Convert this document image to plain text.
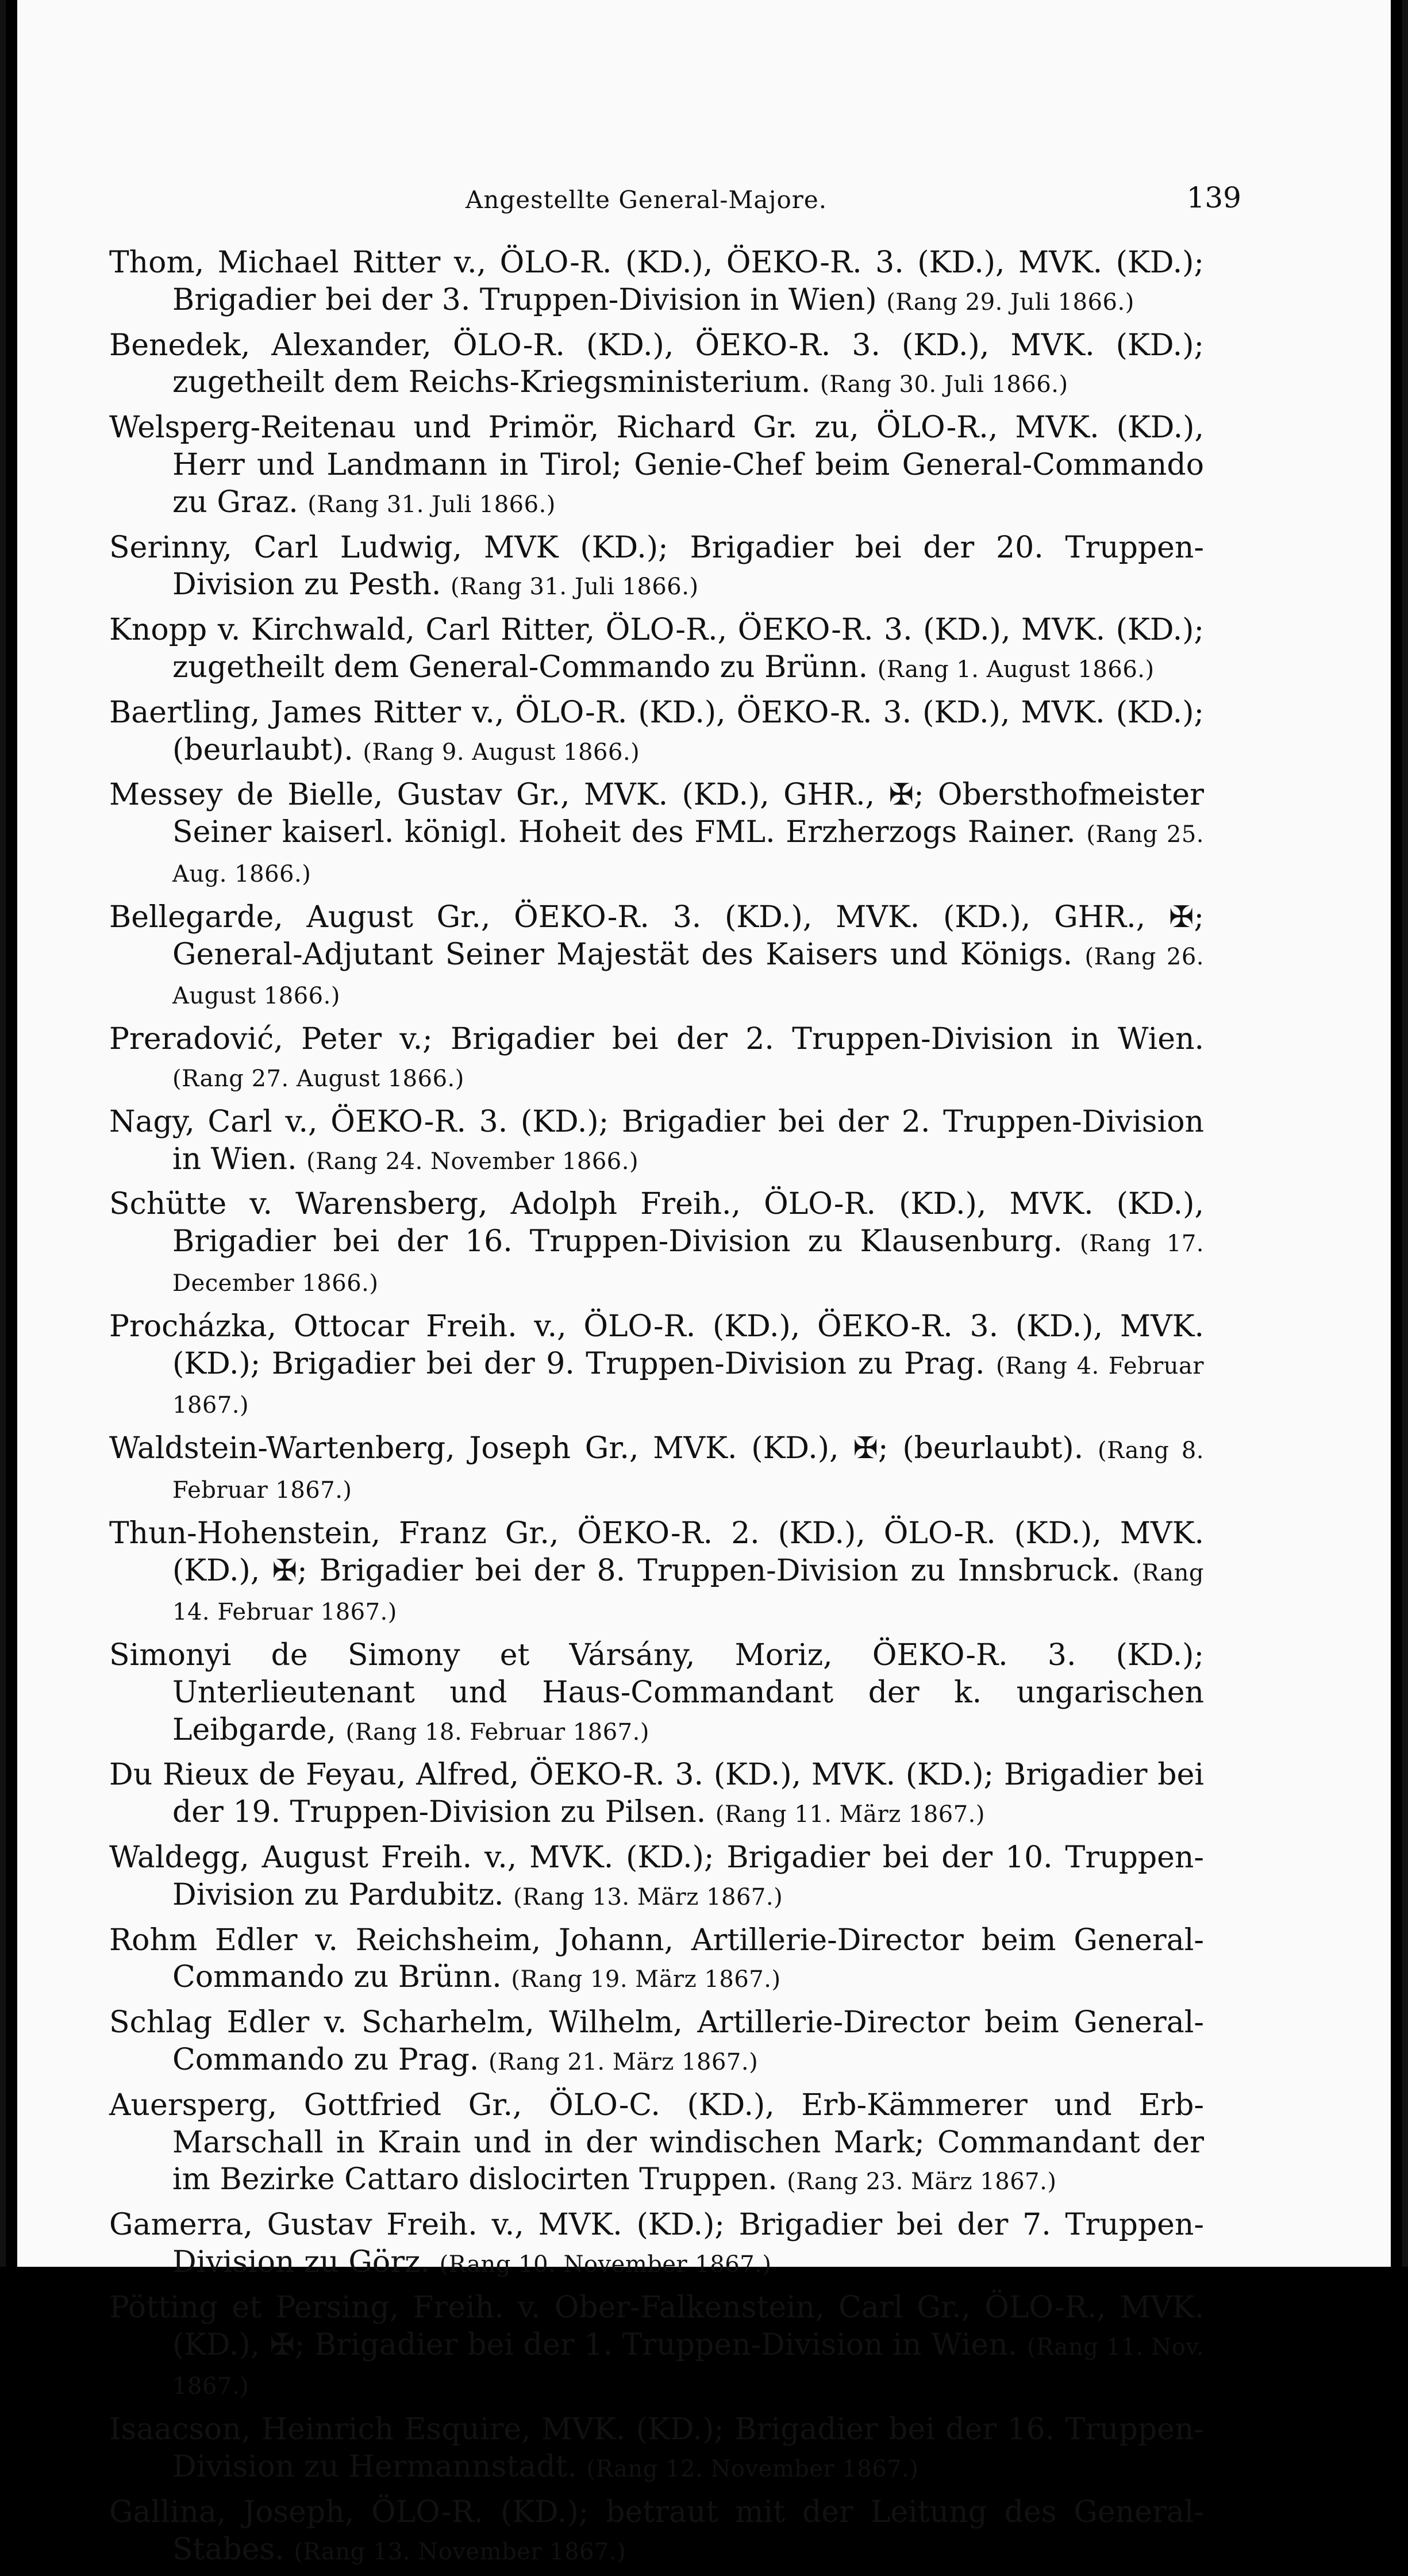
Angestellte General-Majore.	139
Thom, Michael Ritter v., ÖLO-R. (KD.), ÖEKO-R. 3. (KD.), MVK. (KD.); Brigadier bei der 3. Truppen-Division in Wien) (Rang 29. Juli 1866.)
Benedek, Alexander, ÖLO-R. (KD.), ÖEKO-R. 3. (KD.), MVK. (KD.); zugetheilt dem Reichs-Kriegsministerium. (Rang 30. Juli 1866.)
Welsperg-Reitenau und Primör, Richard Gr. zu, ÖLO-R., MVK. (KD.), Herr und Landmann in Tirol; Genie-Chef beim General-Commando zu Graz. (Rang 31. Juli 1866.)
Serinny, Carl Ludwig, MVK (KD.); Brigadier bei der 20. Truppen-Division zu Pesth. (Rang 31. Juli 1866.)
Knopp v. Kirchwald, Carl Ritter, ÖLO-R., ÖEKO-R. 3. (KD.), MVK. (KD.); zugetheilt dem General-Commando zu Brünn. (Rang 1. August 1866.)
Baertling, James Ritter v., ÖLO-R. (KD.), ÖEKO-R. 3. (KD.), MVK. (KD.); (beurlaubt). (Rang 9. August 1866.)
Messey de Bielle, Gustav Gr., MVK. (KD.), GHR., ✠; Obersthofmeister Seiner kaiserl. königl. Hoheit des FML. Erzherzogs Rainer. (Rang 25. Aug. 1866.)
Bellegarde, August Gr., ÖEKO-R. 3. (KD.), MVK. (KD.), GHR., ✠; General-Adjutant Seiner Majestät des Kaisers und Königs. (Rang 26. August 1866.)
Preradović, Peter v.; Brigadier bei der 2. Truppen-Division in Wien. (Rang 27. August 1866.)
Nagy, Carl v., ÖEKO-R. 3. (KD.); Brigadier bei der 2. Truppen-Division in Wien. (Rang 24. November 1866.)
Schütte v. Warensberg, Adolph Freih., ÖLO-R. (KD.), MVK. (KD.), Brigadier bei der 16. Truppen-Division zu Klausenburg. (Rang 17. December 1866.)
Procházka, Ottocar Freih. v., ÖLO-R. (KD.), ÖEKO-R. 3. (KD.), MVK. (KD.); Brigadier bei der 9. Truppen-Division zu Prag. (Rang 4. Februar 1867.)
Waldstein-Wartenberg, Joseph Gr., MVK. (KD.), ✠; (beurlaubt). (Rang 8. Februar 1867.)
Thun-Hohenstein, Franz Gr., ÖEKO-R. 2. (KD.), ÖLO-R. (KD.), MVK. (KD.), ✠; Brigadier bei der 8. Truppen-Division zu Innsbruck. (Rang 14. Februar 1867.)
Simonyi de Simony et Vársány, Moriz, ÖEKO-R. 3. (KD.); Unterlieutenant und Haus-Commandant der k. ungarischen Leibgarde, (Rang 18. Februar 1867.)
Du Rieux de Feyau, Alfred, ÖEKO-R. 3. (KD.), MVK. (KD.); Brigadier bei der 19. Truppen-Division zu Pilsen. (Rang 11. März 1867.)
Waldegg, August Freih. v., MVK. (KD.); Brigadier bei der 10. Truppen-Division zu Pardubitz. (Rang 13. März 1867.)
Rohm Edler v. Reichsheim, Johann, Artillerie-Director beim General-Commando zu Brünn. (Rang 19. März 1867.)
Schlag Edler v. Scharhelm, Wilhelm, Artillerie-Director beim General-Commando zu Prag. (Rang 21. März 1867.)
Auersperg, Gottfried Gr., ÖLO-C. (KD.), Erb-Kämmerer und Erb-Marschall in Krain und in der windischen Mark; Commandant der im Bezirke Cattaro dislocirten Truppen. (Rang 23. März 1867.)
Gamerra, Gustav Freih. v., MVK. (KD.); Brigadier bei der 7. Truppen-Division zu Görz. (Rang 10. November 1867.)
Pötting et Persing, Freih. v. Ober-Falkenstein, Carl Gr., ÖLO-R., MVK. (KD.), ✠; Brigadier bei der 1. Truppen-Division in Wien. (Rang 11. Nov. 1867.)
Isaacson, Heinrich Esquire, MVK. (KD.); Brigadier bei der 16. Truppen-Division zu Hermannstadt. (Rang 12. November 1867.)
Gallina, Joseph, ÖLO-R. (KD.); betraut mit der Leitung des General-Stabes. (Rang 13. November 1867.)
